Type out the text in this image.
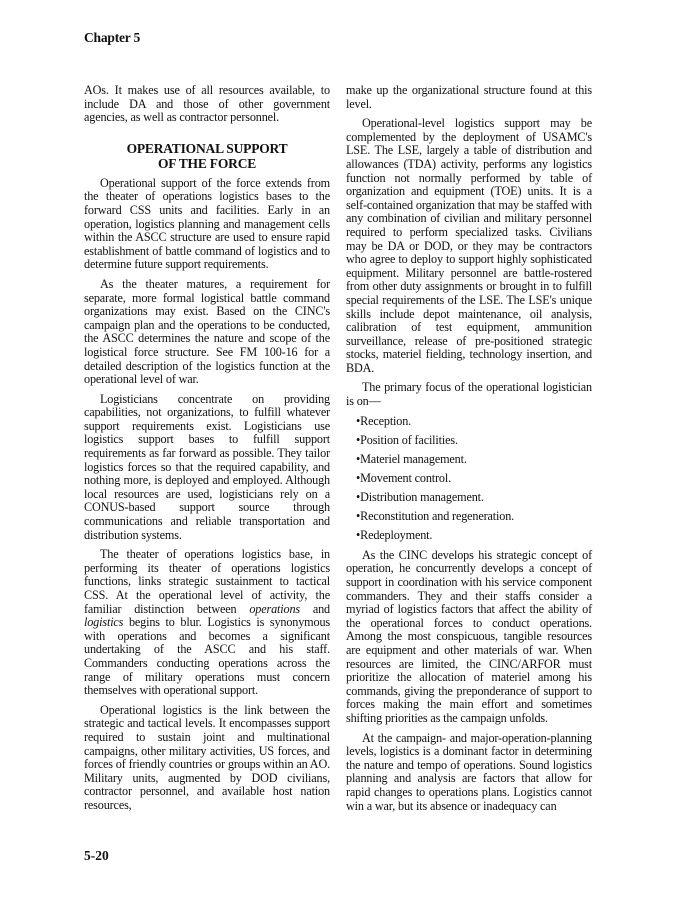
Chapter 5

AOs. It makes use of all resources available, to include DA and those of other government agencies, as well as contractor personnel.

OPERATIONAL SUPPORT
OF THE FORCE

Operational support of the force extends from the theater of operations logistics bases to the forward CSS units and facilities. Early in an operation, logistics planning and management cells within the ASCC structure are used to ensure rapid establishment of battle command of logistics and to determine future support requirements.

As the theater matures, a requirement for separate, more formal logistical battle command organizations may exist. Based on the CINC's campaign plan and the operations to be conducted, the ASCC determines the nature and scope of the logistical force structure. See FM 100-16 for a detailed description of the logistics function at the operational level of war.

Logisticians concentrate on providing capabilities, not organizations, to fulfill whatever support requirements exist. Logisticians use logistics support bases to fulfill support requirements as far forward as possible. They tailor logistics forces so that the required capability, and nothing more, is deployed and employed. Although local resources are used, logisticians rely on a CONUS-based support source through communications and reliable transportation and distribution systems.

The theater of operations logistics base, in performing its theater of operations logistics functions, links strategic sustainment to tactical CSS. At the operational level of activity, the familiar distinction between operations and logistics begins to blur. Logistics is synonymous with operations and becomes a significant undertaking of the ASCC and his staff. Commanders conducting operations across the range of military operations must concern themselves with operational support.

Operational logistics is the link between the strategic and tactical levels. It encompasses support required to sustain joint and multinational campaigns, other military activities, US forces, and forces of friendly countries or groups within an AO. Military units, augmented by DOD civilians, contractor personnel, and available host nation resources,

make up the organizational structure found at this level.

Operational-level logistics support may be complemented by the deployment of USAMC's LSE. The LSE, largely a table of distribution and allowances (TDA) activity, performs any logistics function not normally performed by table of organization and equipment (TOE) units. It is a self-contained organization that may be staffed with any combination of civilian and military personnel required to perform specialized tasks. Civilians may be DA or DOD, or they may be contractors who agree to deploy to support highly sophisticated equipment. Military personnel are battle-rostered from other duty assignments or brought in to fulfill special requirements of the LSE. The LSE's unique skills include depot maintenance, oil analysis, calibration of test equipment, ammunition surveillance, release of pre-positioned strategic stocks, materiel fielding, technology insertion, and BDA.

The primary focus of the operational logistician is on—

•Reception.
•Position of facilities.
•Materiel management.
•Movement control.
•Distribution management.
•Reconstitution and regeneration.
•Redeployment.

As the CINC develops his strategic concept of operation, he concurrently develops a concept of support in coordination with his service component commanders. They and their staffs consider a myriad of logistics factors that affect the ability of the operational forces to conduct operations. Among the most conspicuous, tangible resources are equipment and other materials of war. When resources are limited, the CINC/ARFOR must prioritize the allocation of materiel among his commands, giving the preponderance of support to forces making the main effort and sometimes shifting priorities as the campaign unfolds.

At the campaign- and major-operation-planning levels, logistics is a dominant factor in determining the nature and tempo of operations. Sound logistics planning and analysis are factors that allow for rapid changes to operations plans. Logistics cannot win a war, but its absence or inadequacy can

5-20
